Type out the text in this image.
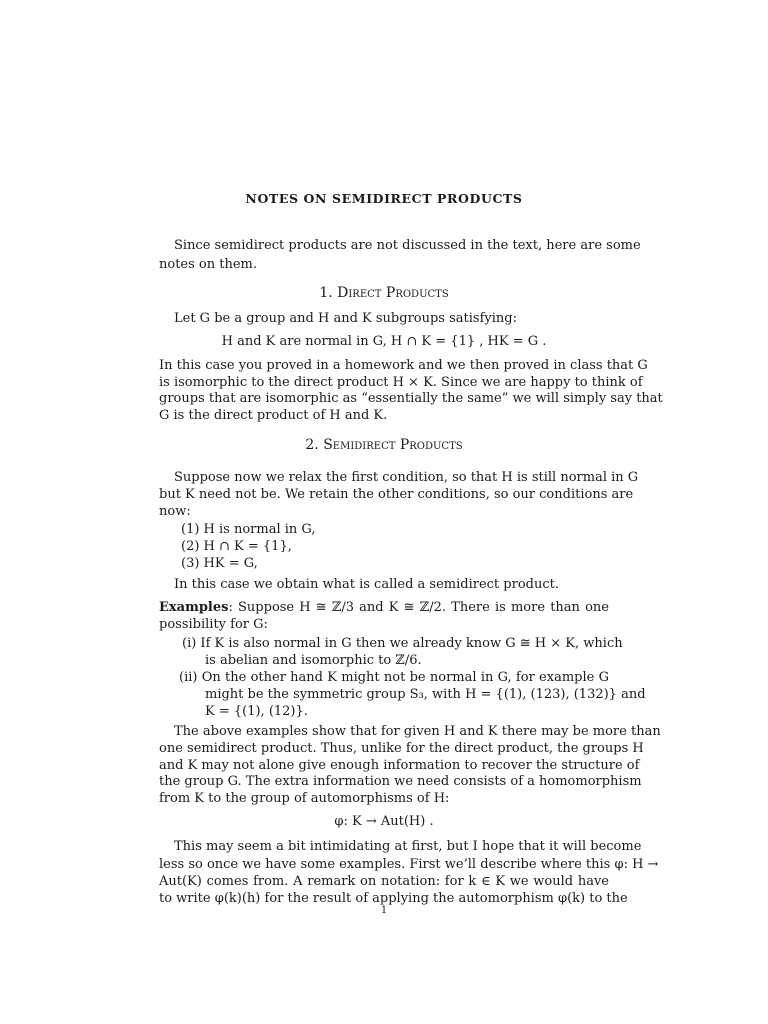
NOTES ON SEMIDIRECT PRODUCTS
Since semidirect products are not discussed in the text, here are some
notes on them.
1. Direct Products
Let G be a group and H and K subgroups satisfying:
H and K are normal in G, H ∩ K = {1} , HK = G .
In this case you proved in a homework and we then proved in class that G
is isomorphic to the direct product H × K. Since we are happy to think of
groups that are isomorphic as “essentially the same” we will simply say that
G is the direct product of H and K.
2. Semidirect Products
Suppose now we relax the first condition, so that H is still normal in G
but K need not be. We retain the other conditions, so our conditions are
now:
(1) H is normal in G,
(2) H ∩ K = {1},
(3) HK = G,
In this case we obtain what is called a semidirect product.
Examples: Suppose H ≅ ℤ/3 and K ≅ ℤ/2. There is more than one
possibility for G:
(i) If K is also normal in G then we already know G ≅ H × K, which
is abelian and isomorphic to ℤ/6.
(ii) On the other hand K might not be normal in G, for example G
might be the symmetric group S₃, with H = {(1), (123), (132)} and
K = {(1), (12)}.
The above examples show that for given H and K there may be more than
one semidirect product. Thus, unlike for the direct product, the groups H
and K may not alone give enough information to recover the structure of
the group G. The extra information we need consists of a homomorphism
from K to the group of automorphisms of H:
φ: K → Aut(H) .
This may seem a bit intimidating at first, but I hope that it will become
less so once we have some examples. First we’ll describe where this φ: H →
Aut(K) comes from. A remark on notation: for k ∈ K we would have
to write φ(k)(h) for the result of applying the automorphism φ(k) to the
1
